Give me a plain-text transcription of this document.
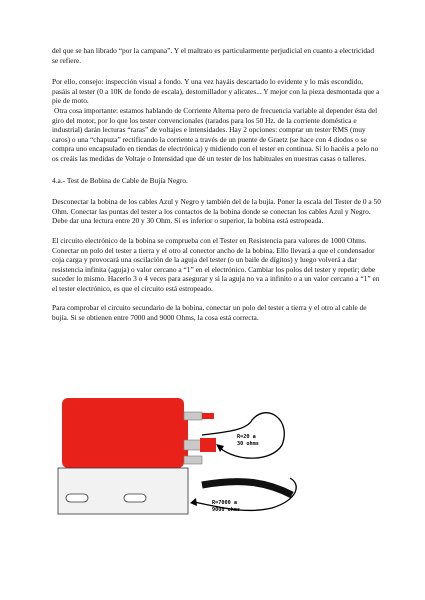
del que se han librado “por la campana”. Y el maltrato es particularmente perjudicial en cuanto a electricidad se refiere.

Por ello, consejo: inspección visual a fondo. Y una vez hayáis descartado lo evidente y lo más escondido, pasáis al tester (0 a 10K de fondo de escala), destornillador y alicates... Y mejor con la pieza desmontada que a pie de moto.

Otra cosa importante: estamos hablando de Corriente Alterna pero de frecuencia variable al depender ésta del giro del motor, por lo que los tester convencionales (tarados para los 50 Hz. de la corriente doméstica e industrial) darán lecturas “raras” de voltajes e intensidades. Hay 2 opciones: comprar un tester RMS (muy caros) o una “chapuza” rectificando la corriente a través de un puente de Graetz (se hace con 4 diodos o se compra uno encapsulado en tiendas de electrónica) y midiendo con el tester en continua. Si lo hacéis a pelo no os creáis las medidas de Voltaje o Intensidad que dé un tester de los habituales en nuestras casas o talleres.

4.a.- Test de Bobina de Cable de Bujía Negro.

Desconectar la bobina de los cables Azul y Negro y también del de la bujía. Poner la escala del Tester de 0 a 50 Ohm. Conectar las puntas del tester a los contactos de la bobina donde se conectan los cables Azul y Negro. Debe dar una lectura entre 20 y 30 Ohm. Si es inferior o superior, la bobina está estropeada.

El circuito electrónico de la bobina se comprueba con el Tester en Resistencia para valores de 1000 Ohms. Conectar un polo del tester a tierra y el otro al conector ancho de la bobina. Ello llevará a que el condensador coja carga y provocará una oscilación de la aguja del tester (o un baile de dígitos) y luego volverá a dar resistencia infinita (aguja) o valor cercano a “1” en el electrónico. Cambiar los polos del tester y repetir; debe suceder lo mismo. Hacerlo 3 o 4 veces para asegurar y si la aguja no va a infinito o a un valor cercano a “1” en el tester electrónico, es que el circuito está estropeado.

Para comprobar el circuito secundario de la bobina, conectar un polo del tester a tierra y el otro al cable de bujía. Si se obtienen entre 7000 and 9000 Ohms, la cosa está correcta.

R=20 a
30 ohms
R=7000 a
9000 ohms
